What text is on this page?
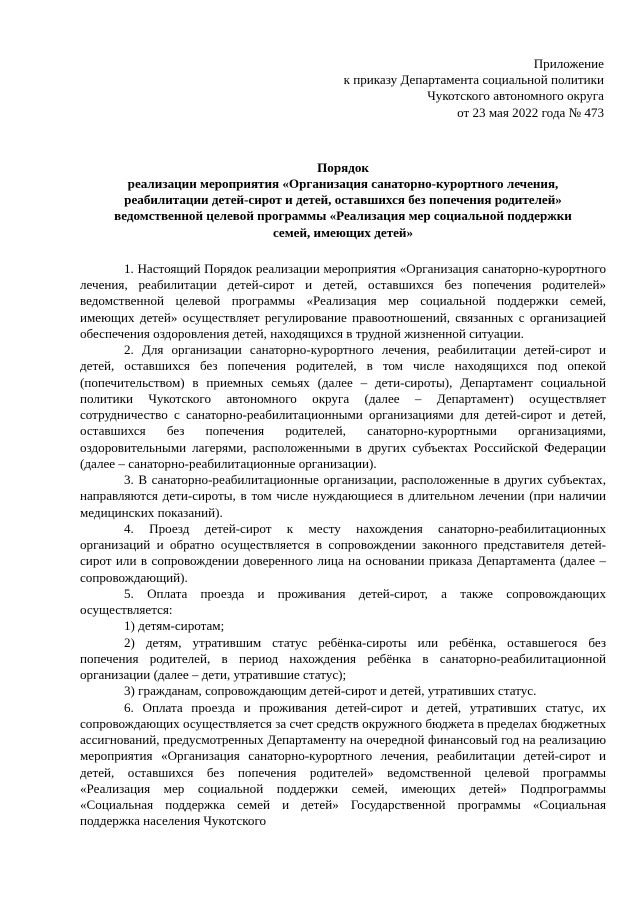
Приложение
к приказу Департамента социальной политики
Чукотского автономного округа
от 23 мая 2022 года № 473
Порядок
реализации мероприятия «Организация санаторно-курортного лечения,
реабилитации детей-сирот и детей, оставшихся без попечения родителей»
ведомственной целевой программы «Реализация мер социальной поддержки
семей, имеющих детей»

1. Настоящий Порядок реализации мероприятия «Организация санаторно-курортного лечения, реабилитации детей-сирот и детей, оставшихся без попечения родителей» ведомственной целевой программы «Реализация мер социальной поддержки семей, имеющих детей» осуществляет регулирование правоотношений, связанных с организацией обеспечения оздоровления детей, находящихся в трудной жизненной ситуации.

2. Для организации санаторно-курортного лечения, реабилитации детей-сирот и детей, оставшихся без попечения родителей, в том числе находящихся под опекой (попечительством) в приемных семьях (далее – дети-сироты), Департамент социальной политики Чукотского автономного округа (далее – Департамент) осуществляет сотрудничество с санаторно-реабилитационными организациями для детей-сирот и детей, оставшихся без попечения родителей, санаторно-курортными организациями, оздоровительными лагерями, расположенными в других субъектах Российской Федерации (далее – санаторно-реабилитационные организации).

3. В санаторно-реабилитационные организации, расположенные в других субъектах, направляются дети-сироты, в том числе нуждающиеся в длительном лечении (при наличии медицинских показаний).

4. Проезд детей-сирот к месту нахождения санаторно-реабилитационных организаций и обратно осуществляется в сопровождении законного представителя детей-сирот или в сопровождении доверенного лица на основании приказа Департамента (далее – сопровождающий).

5. Оплата проезда и проживания детей-сирот, а также сопровождающих осуществляется:

1) детям-сиротам;

2) детям, утратившим статус ребёнка-сироты или ребёнка, оставшегося без попечения родителей, в период нахождения ребёнка в санаторно-реабилитационной организации (далее – дети, утратившие статус);

3) гражданам, сопровождающим детей-сирот и детей, утративших статус.

6. Оплата проезда и проживания детей-сирот и детей, утративших статус, их сопровождающих осуществляется за счет средств окружного бюджета в пределах бюджетных ассигнований, предусмотренных Департаменту на очередной финансовый год на реализацию мероприятия «Организация санаторно-курортного лечения, реабилитации детей-сирот и детей, оставшихся без попечения родителей» ведомственной целевой программы «Реализация мер социальной поддержки семей, имеющих детей» Подпрограммы «Социальная поддержка семей и детей» Государственной программы «Социальная поддержка населения Чукотского
